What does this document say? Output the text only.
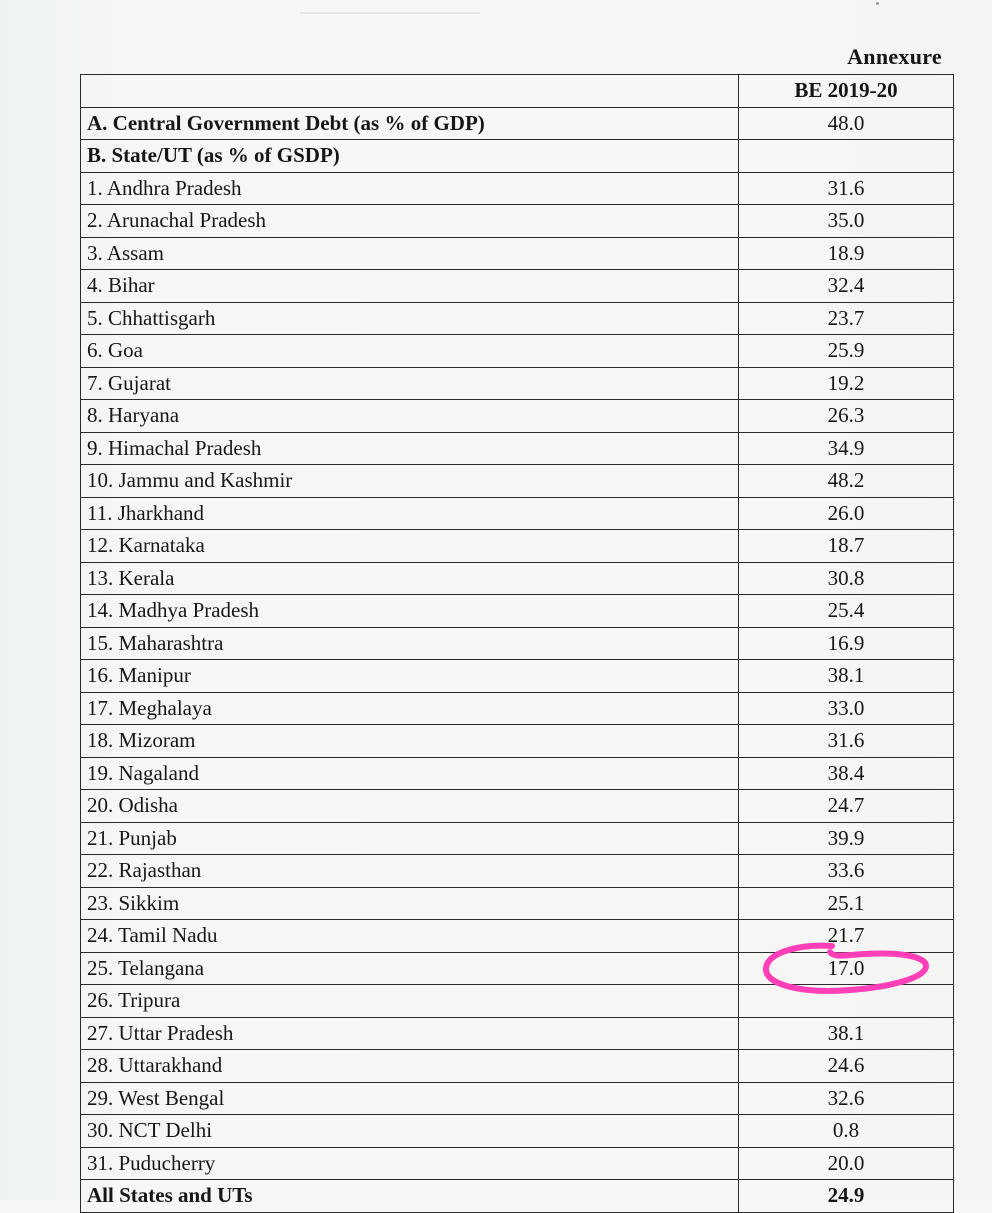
Annexure
	BE 2019-20
A. Central Government Debt (as % of GDP)	48.0
B. State/UT (as % of GSDP)	
1. Andhra Pradesh	31.6
2. Arunachal Pradesh	35.0
3. Assam	18.9
4. Bihar	32.4
5. Chhattisgarh	23.7
6. Goa	25.9
7. Gujarat	19.2
8. Haryana	26.3
9. Himachal Pradesh	34.9
10. Jammu and Kashmir	48.2
11. Jharkhand	26.0
12. Karnataka	18.7
13. Kerala	30.8
14. Madhya Pradesh	25.4
15. Maharashtra	16.9
16. Manipur	38.1
17. Meghalaya	33.0
18. Mizoram	31.6
19. Nagaland	38.4
20. Odisha	24.7
21. Punjab	39.9
22. Rajasthan	33.6
23. Sikkim	25.1
24. Tamil Nadu	21.7
25. Telangana	17.0
26. Tripura	
27. Uttar Pradesh	38.1
28. Uttarakhand	24.6
29. West Bengal	32.6
30. NCT Delhi	0.8
31. Puducherry	20.0
All States and UTs	24.9
